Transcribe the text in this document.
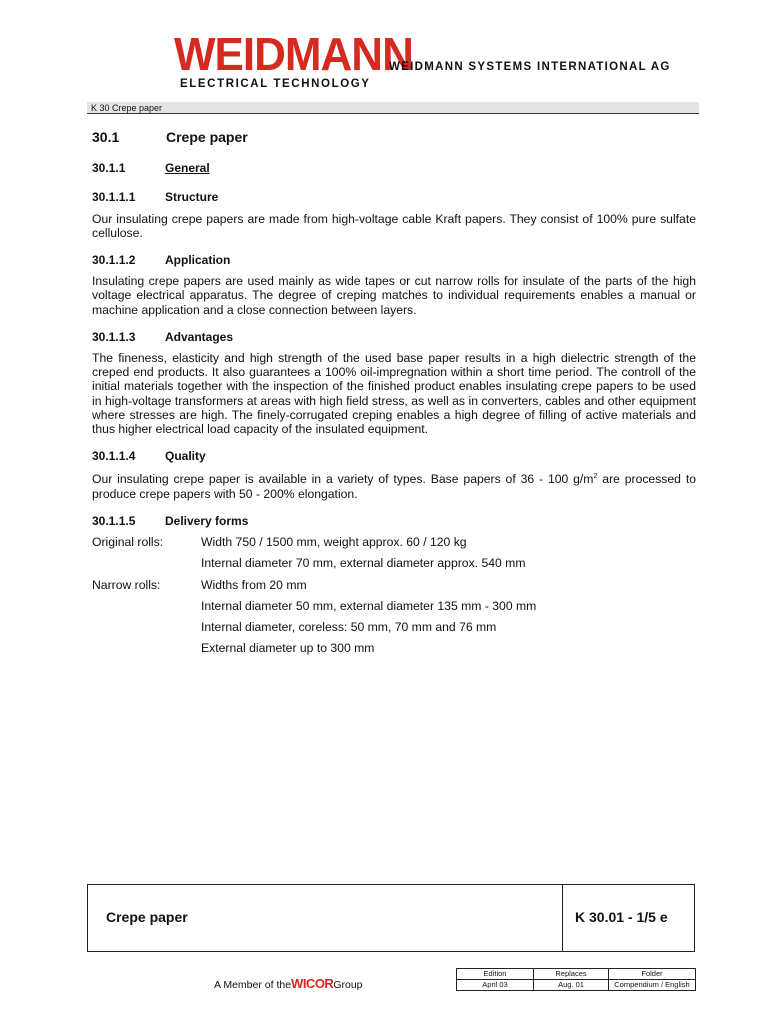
WEIDMANN
ELECTRICAL TECHNOLOGY
WEIDMANN SYSTEMS INTERNATIONAL AG
K 30 Crepe paper
30.1	Crepe paper
30.1.1	General
30.1.1.1	Structure

Our insulating crepe papers are made from high-voltage cable Kraft papers. They consist of 100% pure sulfate cellulose.

30.1.1.2	Application

Insulating crepe papers are used mainly as wide tapes or cut narrow rolls for insulate of the parts of the high voltage electrical apparatus. The degree of creping matches to individual requirements enables a manual or machine application and a close connection between layers.

30.1.1.3	Advantages

The fineness, elasticity and high strength of the used base paper results in a high dielectric strength of the creped end products. It also guarantees a 100% oil-impregnation within a short time period. The controll of the initial materials together with the inspection of the finished product enables insulating crepe papers to be used in high-voltage transformers at areas with high field stress, as well as in converters, cables and other equipment where stresses are high. The finely-corrugated creping enables a high degree of filling of active materials and thus higher electrical load capacity of the insulated equipment.

30.1.1.4	Quality

Our insulating crepe paper is available in a variety of types. Base papers of 36 - 100 $g/m^2$ are processed to produce crepe papers with 50 - 200% elongation.

30.1.1.5	Delivery forms
Original rolls:	Width 750 / 1500 mm, weight approx. 60 / 120 kg
Internal diameter 70 mm, external diameter approx. 540 mm
Narrow rolls:	Widths from 20 mm
Internal diameter 50 mm, external diameter 135 mm - 300 mm
Internal diameter, coreless: 50 mm, 70 mm and 76 mm
External diameter up to 300 mm
Crepe paper	K 30.01 - 1/5 e
A Member of the WICOR Group
Edition	Replaces	Folder
April 03	Aug. 01	Compendium / English
